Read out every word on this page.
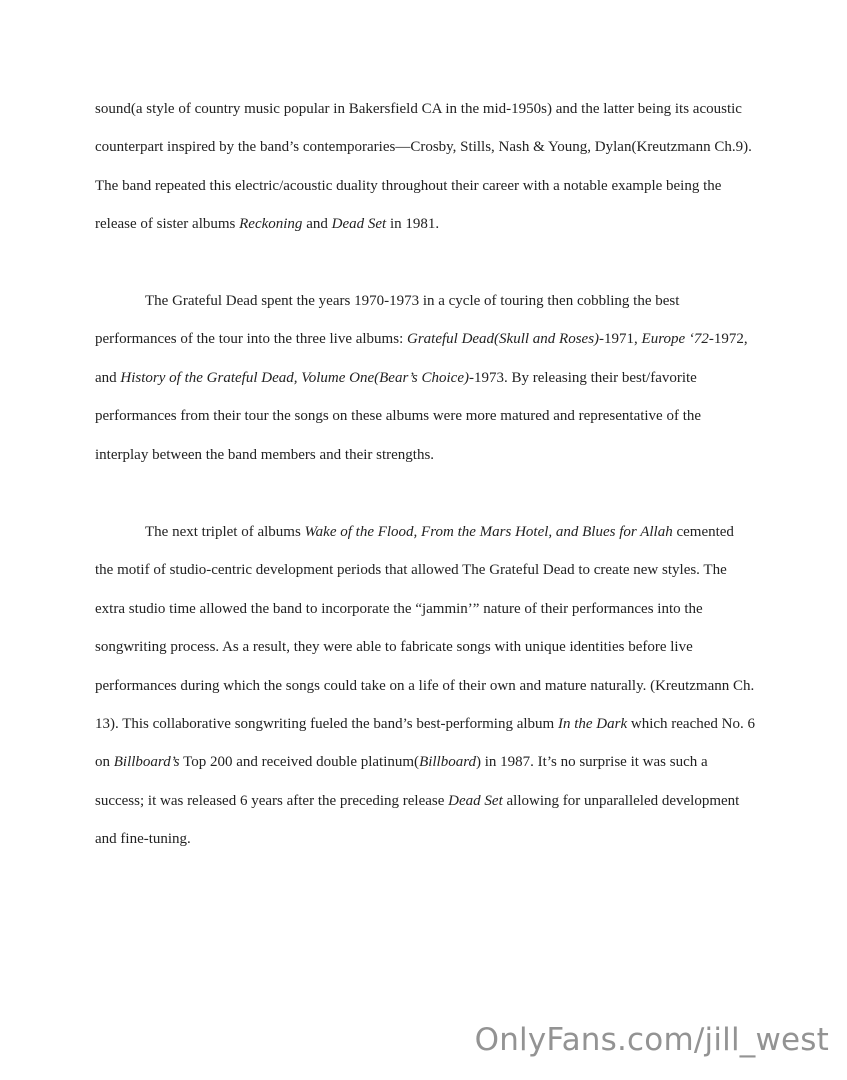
sound(a style of country music popular in Bakersfield CA in the mid-1950s) and the latter being its acoustic counterpart inspired by the band’s contemporaries—Crosby, Stills, Nash & Young, Dylan(Kreutzmann Ch.9). The band repeated this electric/acoustic duality throughout their career with a notable example being the release of sister albums Reckoning and Dead Set in 1981.

The Grateful Dead spent the years 1970-1973 in a cycle of touring then cobbling the best performances of the tour into the three live albums: Grateful Dead(Skull and Roses)-1971, Europe ‘72-1972, and History of the Grateful Dead, Volume One(Bear’s Choice)-1973. By releasing their best/favorite performances from their tour the songs on these albums were more matured and representative of the interplay between the band members and their strengths.

The next triplet of albums Wake of the Flood, From the Mars Hotel, and Blues for Allah cemented the motif of studio-centric development periods that allowed The Grateful Dead to create new styles. The extra studio time allowed the band to incorporate the “jammin’” nature of their performances into the songwriting process. As a result, they were able to fabricate songs with unique identities before live performances during which the songs could take on a life of their own and mature naturally. (Kreutzmann Ch. 13). This collaborative songwriting fueled the band’s best-performing album In the Dark which reached No. 6 on Billboard’s Top 200 and received double platinum(Billboard) in 1987. It’s no surprise it was such a success; it was released 6 years after the preceding release Dead Set allowing for unparalleled development and fine-tuning.

OnlyFans.com/jill_west
